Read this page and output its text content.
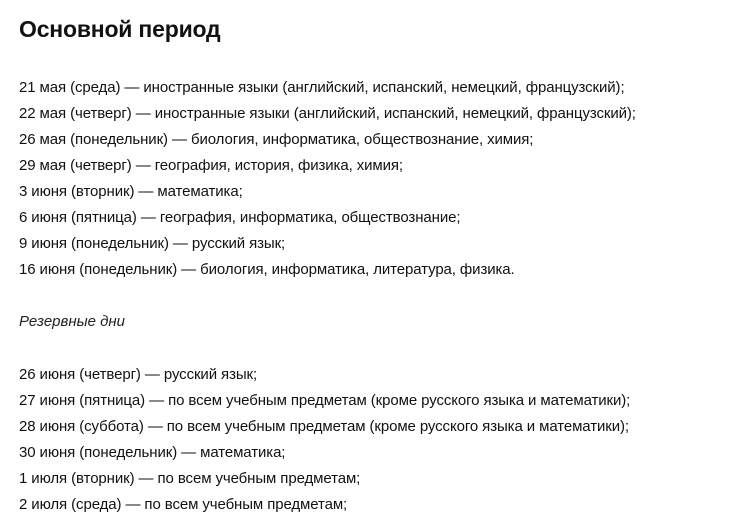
Основной период
21 мая (среда) — иностранные языки (английский, испанский, немецкий, французский);
22 мая (четверг) — иностранные языки (английский, испанский, немецкий, французский);
26 мая (понедельник) — биология, информатика, обществознание, химия;
29 мая (четверг) — география, история, физика, химия;
3 июня (вторник) — математика;
6 июня (пятница) — география, информатика, обществознание;
9 июня (понедельник) — русский язык;
16 июня (понедельник) — биология, информатика, литература, физика.

Резервные дни

26 июня (четверг) — русский язык;
27 июня (пятница) — по всем учебным предметам (кроме русского языка и математики);
28 июня (суббота) — по всем учебным предметам (кроме русского языка и математики);
30 июня (понедельник) — математика;
1 июля (вторник) — по всем учебным предметам;
2 июля (среда) — по всем учебным предметам;
